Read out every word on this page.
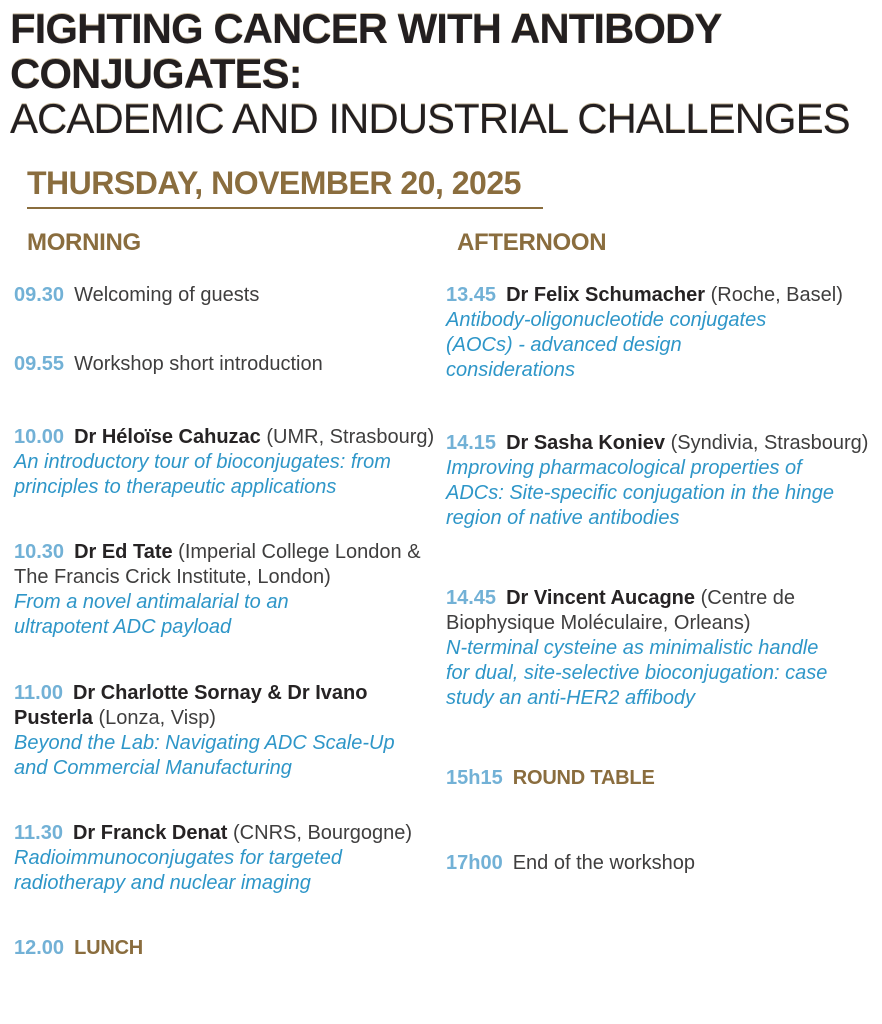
FIGHTING CANCER WITH ANTIBODY
CONJUGATES:
ACADEMIC AND INDUSTRIAL CHALLENGES
THURSDAY, NOVEMBER 20, 2025
MORNING
09.30 Welcoming of guests
09.55 Workshop short introduction
10.00 Dr Héloïse Cahuzac (UMR, Strasbourg)
An introductory tour of bioconjugates: from
principles to therapeutic applications
10.30 Dr Ed Tate (Imperial College London & The Francis Crick Institute, London)
From a novel antimalarial to an
ultrapotent ADC payload
11.00 Dr Charlotte Sornay & Dr Ivano Pusterla (Lonza, Visp)
Beyond the Lab: Navigating ADC Scale-Up
and Commercial Manufacturing
11.30 Dr Franck Denat (CNRS, Bourgogne)
Radioimmunoconjugates for targeted
radiotherapy and nuclear imaging
12.00 LUNCH
AFTERNOON
13.45 Dr Felix Schumacher (Roche, Basel)
Antibody-oligonucleotide conjugates
(AOCs) - advanced design
considerations
14.15 Dr Sasha Koniev (Syndivia, Strasbourg)
Improving pharmacological properties of
ADCs: Site-specific conjugation in the hinge
region of native antibodies
14.45 Dr Vincent Aucagne (Centre de Biophysique Moléculaire, Orleans)
N-terminal cysteine as minimalistic handle
for dual, site-selective bioconjugation: case
study an anti-HER2 affibody
15h15 ROUND TABLE
17h00 End of the workshop
